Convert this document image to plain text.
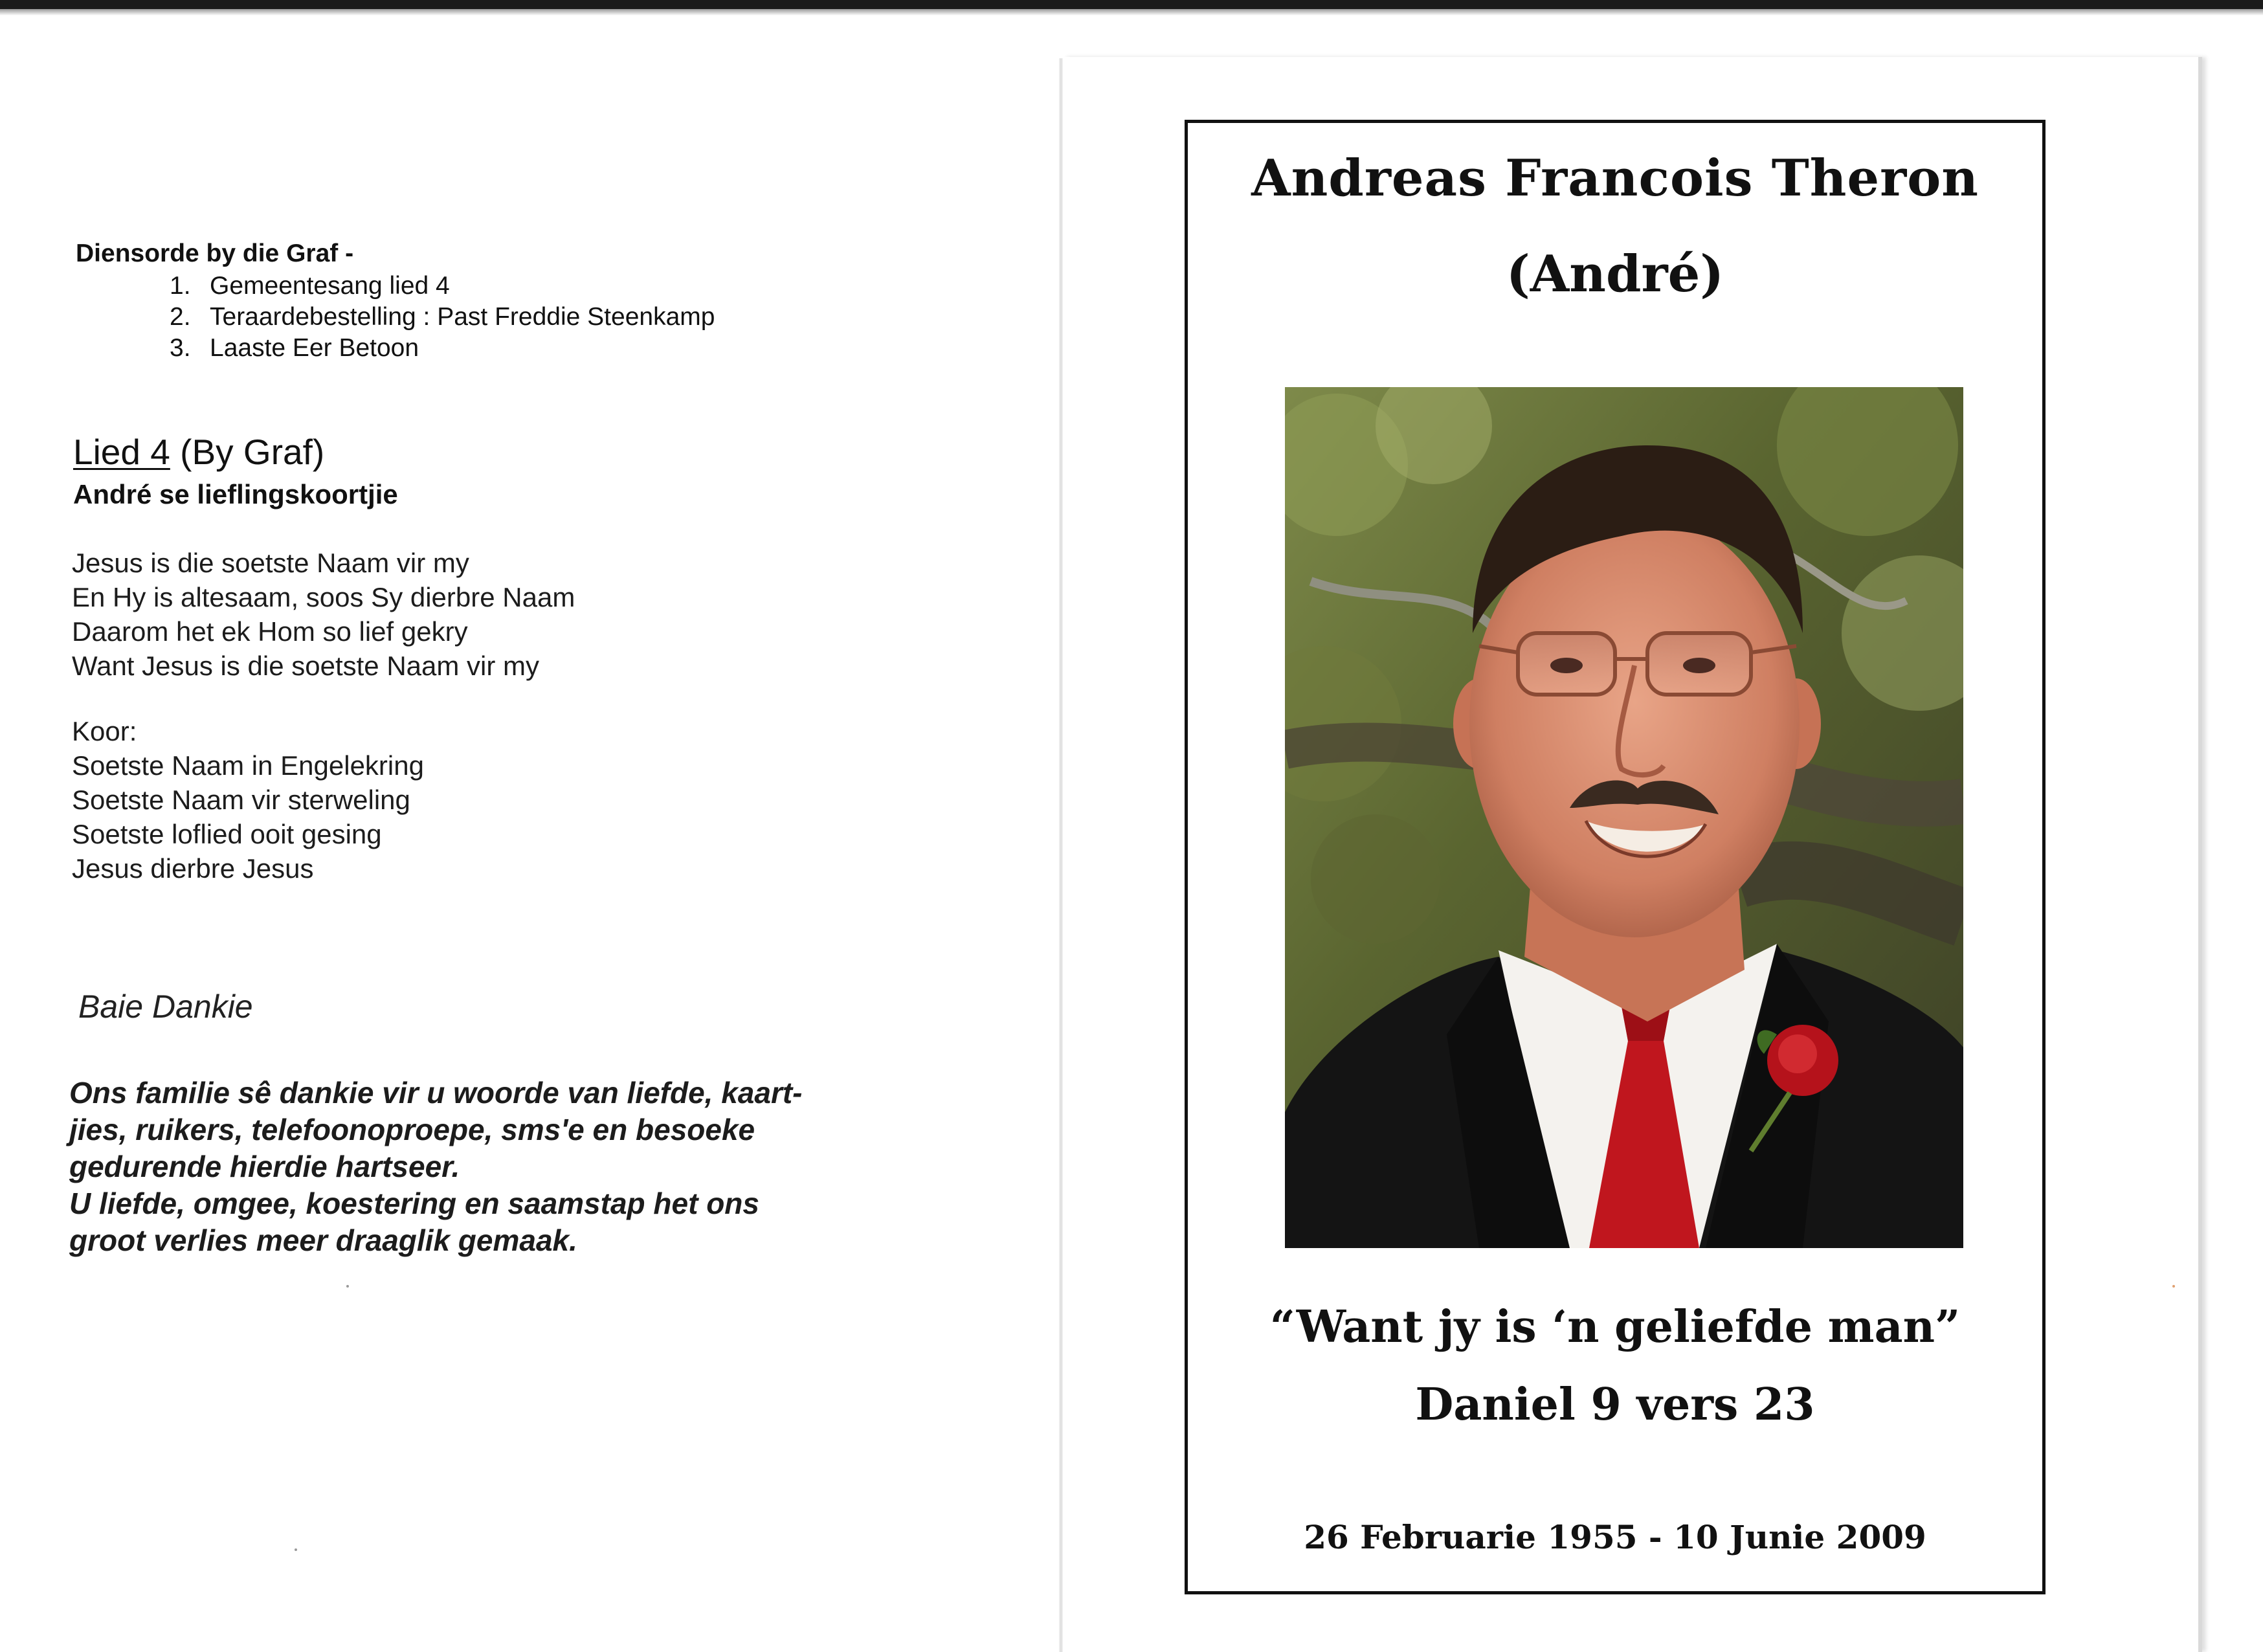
Diensorde by die Graf -
1. Gemeentesang lied 4
2. Teraardebestelling : Past Freddie Steenkamp
3. Laaste Eer Betoon
Lied 4 (By Graf)
André se lieflingskoortjie
Jesus is die soetste Naam vir my
En Hy is altesaam, soos Sy dierbre Naam
Daarom het ek Hom so lief gekry
Want Jesus is die soetste Naam vir my
Koor:
Soetste Naam in Engelekring
Soetste Naam vir sterweling
Soetste loflied ooit gesing
Jesus dierbre Jesus
Baie Dankie
Ons familie sê dankie vir u woorde van liefde, kaart-
jies, ruikers, telefoonoproepe, sms'e en besoeke
gedurende hierdie hartseer.
U liefde, omgee, koestering en saamstap het ons
groot verlies meer draaglik gemaak.
Andreas Francois Theron
(André)
“Want jy is ‘n geliefde man”
Daniel 9 vers 23
26 Februarie 1955 - 10 Junie 2009
